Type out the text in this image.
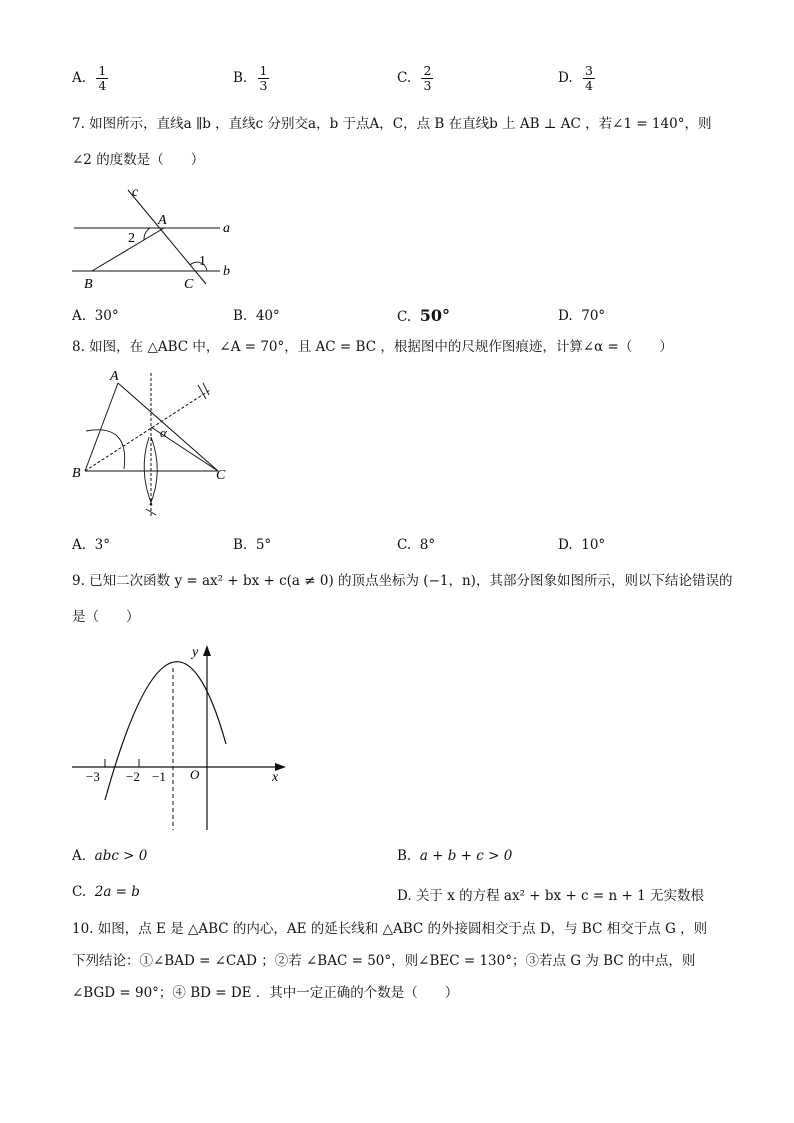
A. $\frac{1}{4}$	B. $\frac{1}{3}$	C. $\frac{2}{3}$	D. $\frac{3}{4}$
7. 如图所示，直线a ∥b ，直线c 分别交a，b 于点A，C，点 B 在直线b 上 AB ⊥ AC ，若∠1 = 140°，则
∠2 的度数是（　　）
c
A
a
2
1
B	C
b
A. 30°	B. 40°	C. 50°	D. 70°
8. 如图，在 △ABC 中，∠A = 70°，且 AC = BC ，根据图中的尺规作图痕迹，计算∠α =（　　）
A
B	C
α
A. 3°	B. 5°	C. 8°	D. 10°
9. 已知二次函数 y = ax² + bx + c(a ≠ 0) 的顶点坐标为 (−1，n)，其部分图象如图所示，则以下结论错误的
是（　　）
y
x
O
−3 −2 −1
A. abc > 0	B. a + b + c > 0
C. 2a = b	D. 关于 x 的方程 ax² + bx + c = n + 1 无实数根
10. 如图，点 E 是 △ABC 的内心，AE 的延长线和 △ABC 的外接圆相交于点 D，与 BC 相交于点 G ，则
下列结论：①∠BAD = ∠CAD ；②若 ∠BAC = 50°，则∠BEC = 130°；③若点 G 为 BC 的中点，则
∠BGD = 90°；④ BD = DE ．其中一定正确的个数是（　　）
